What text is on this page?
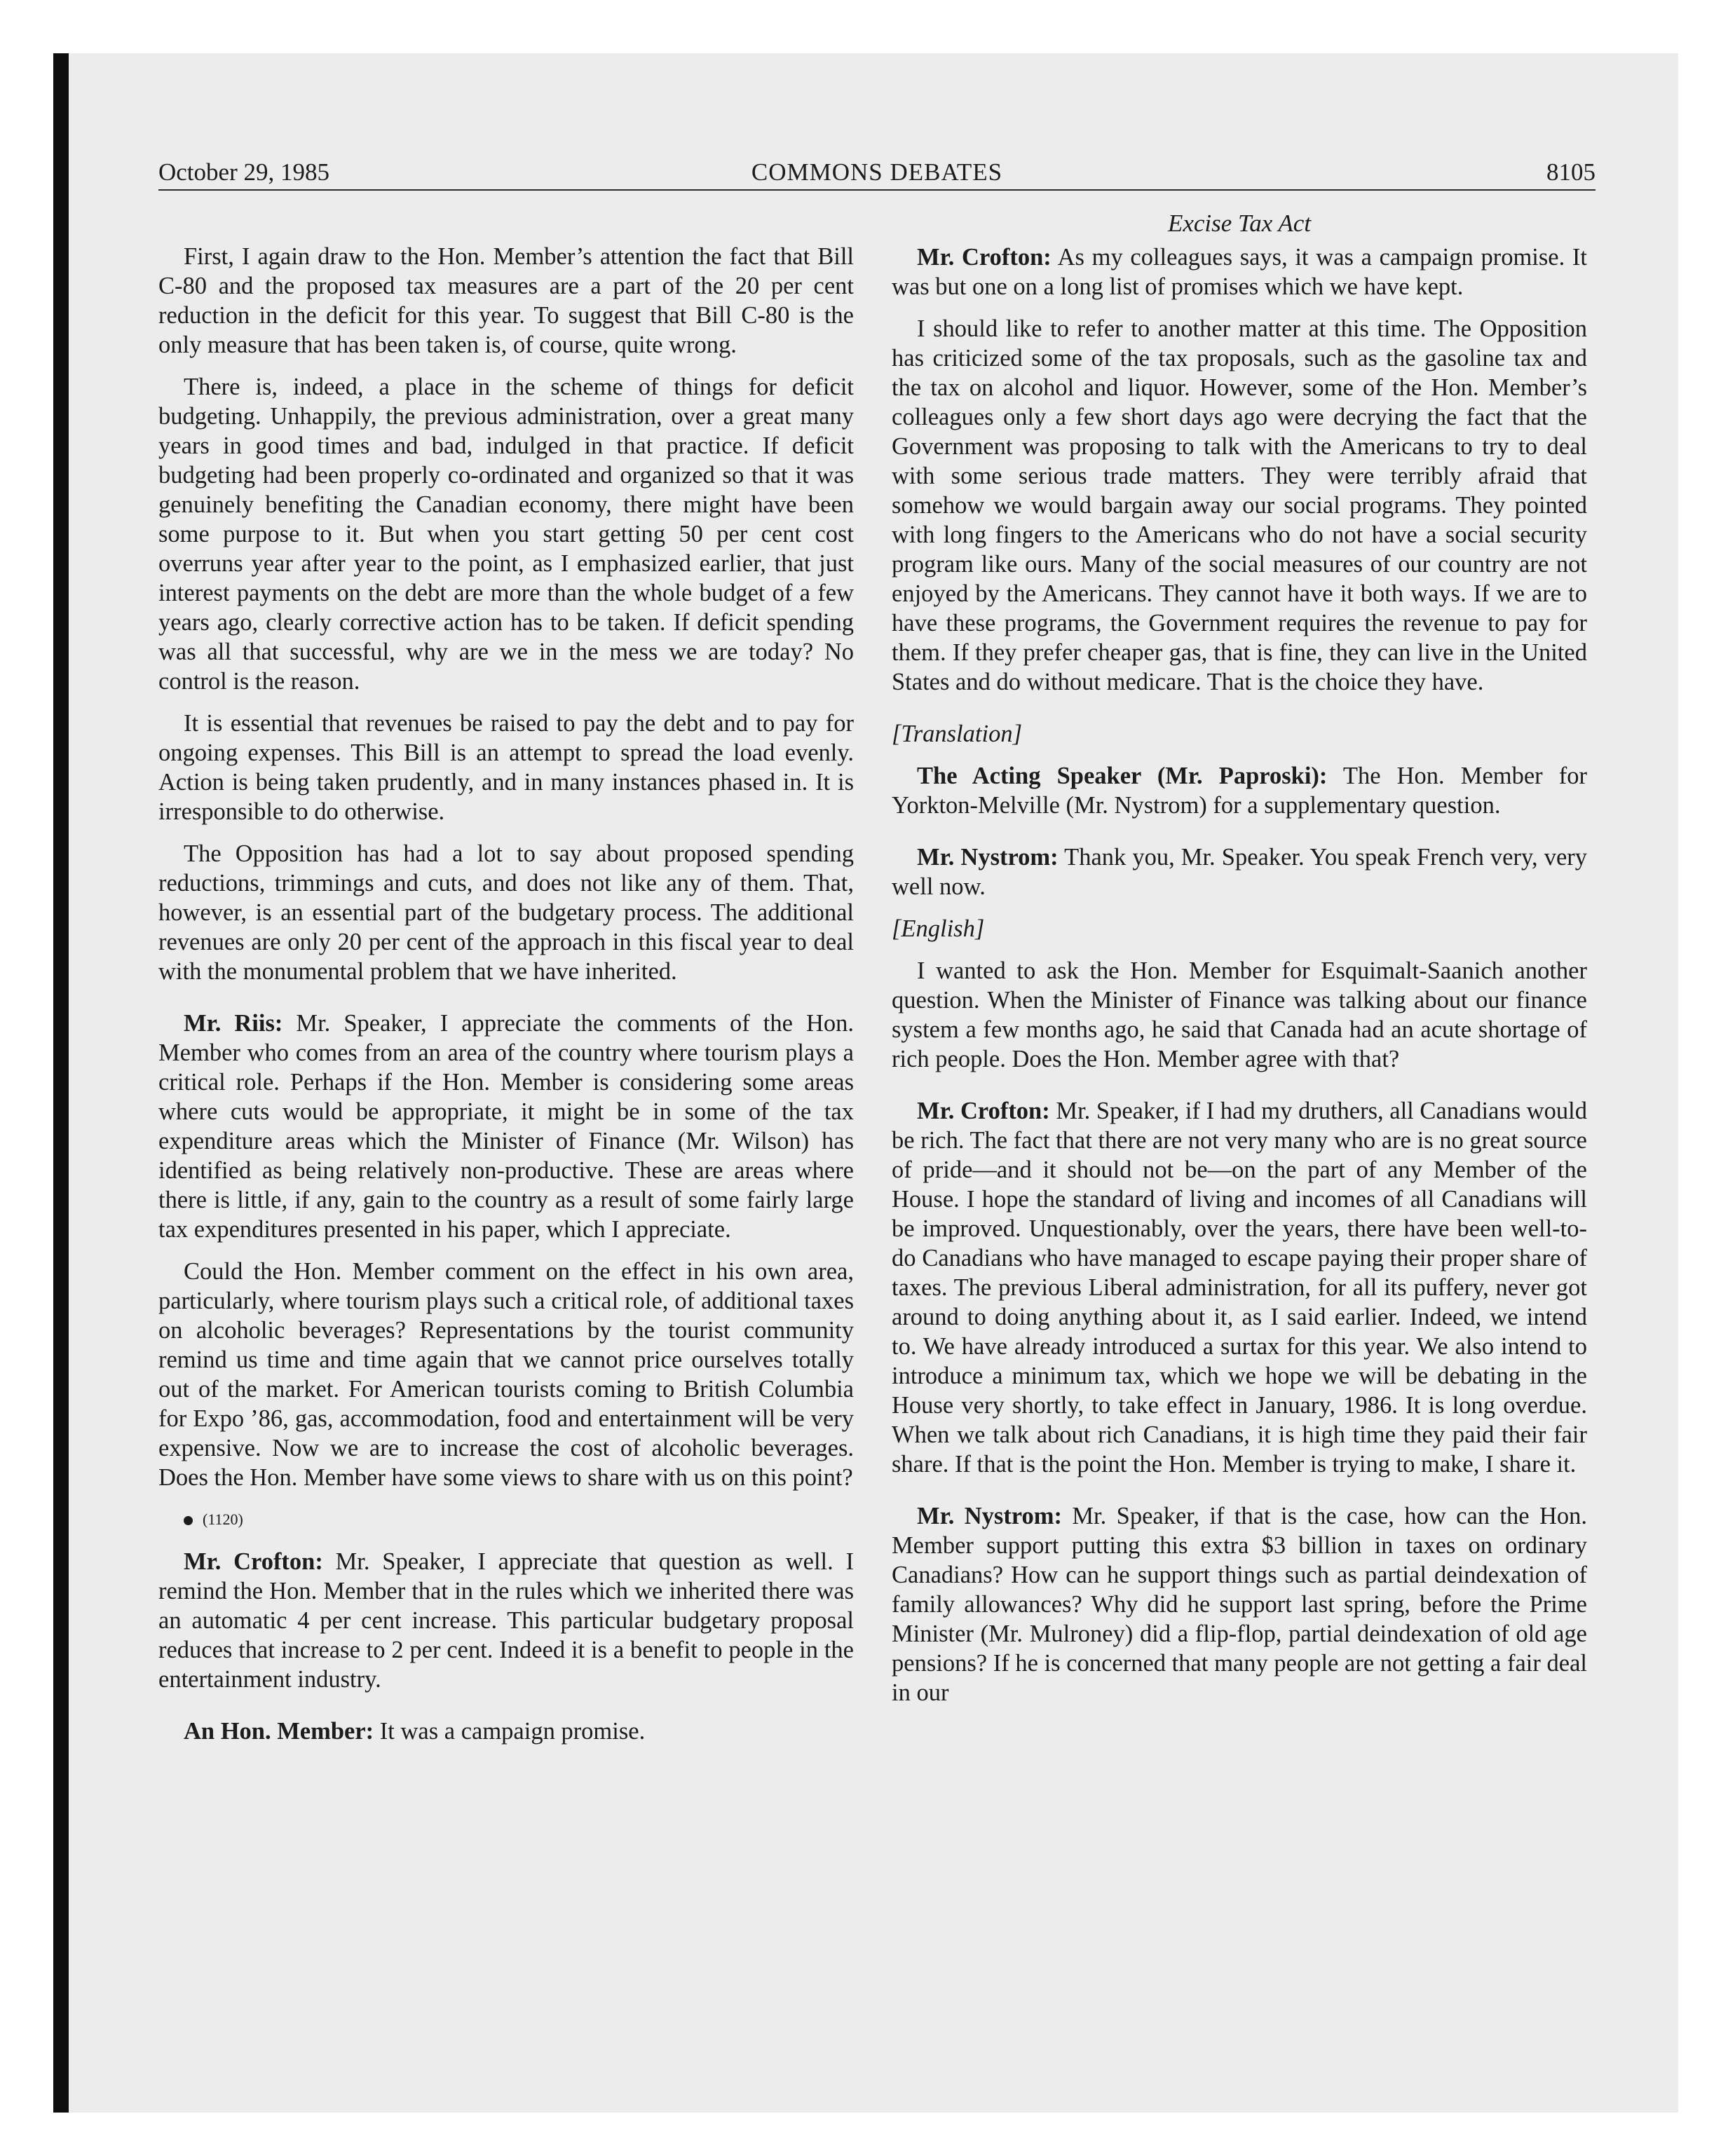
October 29, 1985	COMMONS DEBATES	8105

First, I again draw to the Hon. Member’s attention the fact that Bill C-80 and the proposed tax measures are a part of the 20 per cent reduction in the deficit for this year. To suggest that Bill C-80 is the only measure that has been taken is, of course, quite wrong.

There is, indeed, a place in the scheme of things for deficit budgeting. Unhappily, the previous administration, over a great many years in good times and bad, indulged in that practice. If deficit budgeting had been properly co-ordinated and organized so that it was genuinely benefiting the Canadian economy, there might have been some purpose to it. But when you start getting 50 per cent cost overruns year after year to the point, as I emphasized earlier, that just interest payments on the debt are more than the whole budget of a few years ago, clearly corrective action has to be taken. If deficit spending was all that successful, why are we in the mess we are today? No control is the reason.

It is essential that revenues be raised to pay the debt and to pay for ongoing expenses. This Bill is an attempt to spread the load evenly. Action is being taken prudently, and in many instances phased in. It is irresponsible to do otherwise.

The Opposition has had a lot to say about proposed spending reductions, trimmings and cuts, and does not like any of them. That, however, is an essential part of the budgetary process. The additional revenues are only 20 per cent of the approach in this fiscal year to deal with the monumental problem that we have inherited.

Mr. Riis: Mr. Speaker, I appreciate the comments of the Hon. Member who comes from an area of the country where tourism plays a critical role. Perhaps if the Hon. Member is considering some areas where cuts would be appropriate, it might be in some of the tax expenditure areas which the Minister of Finance (Mr. Wilson) has identified as being relatively non-productive. These are areas where there is little, if any, gain to the country as a result of some fairly large tax expenditures presented in his paper, which I appreciate.

Could the Hon. Member comment on the effect in his own area, particularly, where tourism plays such a critical role, of additional taxes on alcoholic beverages? Representations by the tourist community remind us time and time again that we cannot price ourselves totally out of the market. For American tourists coming to British Columbia for Expo ’86, gas, accommodation, food and entertainment will be very expensive. Now we are to increase the cost of alcoholic beverages. Does the Hon. Member have some views to share with us on this point?

(1120)

Mr. Crofton: Mr. Speaker, I appreciate that question as well. I remind the Hon. Member that in the rules which we inherited there was an automatic 4 per cent increase. This particular budgetary proposal reduces that increase to 2 per cent. Indeed it is a benefit to people in the entertainment industry.

An Hon. Member: It was a campaign promise.

Excise Tax Act

Mr. Crofton: As my colleagues says, it was a campaign promise. It was but one on a long list of promises which we have kept.

I should like to refer to another matter at this time. The Opposition has criticized some of the tax proposals, such as the gasoline tax and the tax on alcohol and liquor. However, some of the Hon. Member’s colleagues only a few short days ago were decrying the fact that the Government was proposing to talk with the Americans to try to deal with some serious trade matters. They were terribly afraid that somehow we would bargain away our social programs. They pointed with long fingers to the Americans who do not have a social security program like ours. Many of the social measures of our country are not enjoyed by the Americans. They cannot have it both ways. If we are to have these programs, the Government requires the revenue to pay for them. If they prefer cheaper gas, that is fine, they can live in the United States and do without medicare. That is the choice they have.

[Translation]

The Acting Speaker (Mr. Paproski): The Hon. Member for Yorkton-Melville (Mr. Nystrom) for a supplementary question.

Mr. Nystrom: Thank you, Mr. Speaker. You speak French very, very well now.

[English]

I wanted to ask the Hon. Member for Esquimalt-Saanich another question. When the Minister of Finance was talking about our finance system a few months ago, he said that Canada had an acute shortage of rich people. Does the Hon. Member agree with that?

Mr. Crofton: Mr. Speaker, if I had my druthers, all Canadians would be rich. The fact that there are not very many who are is no great source of pride—and it should not be—on the part of any Member of the House. I hope the standard of living and incomes of all Canadians will be improved. Unquestionably, over the years, there have been well-to-do Canadians who have managed to escape paying their proper share of taxes. The previous Liberal administration, for all its puffery, never got around to doing anything about it, as I said earlier. Indeed, we intend to. We have already introduced a surtax for this year. We also intend to introduce a minimum tax, which we hope we will be debating in the House very shortly, to take effect in January, 1986. It is long overdue. When we talk about rich Canadians, it is high time they paid their fair share. If that is the point the Hon. Member is trying to make, I share it.

Mr. Nystrom: Mr. Speaker, if that is the case, how can the Hon. Member support putting this extra $3 billion in taxes on ordinary Canadians? How can he support things such as partial deindexation of family allowances? Why did he support last spring, before the Prime Minister (Mr. Mulroney) did a flip-flop, partial deindexation of old age pensions? If he is concerned that many people are not getting a fair deal in our
